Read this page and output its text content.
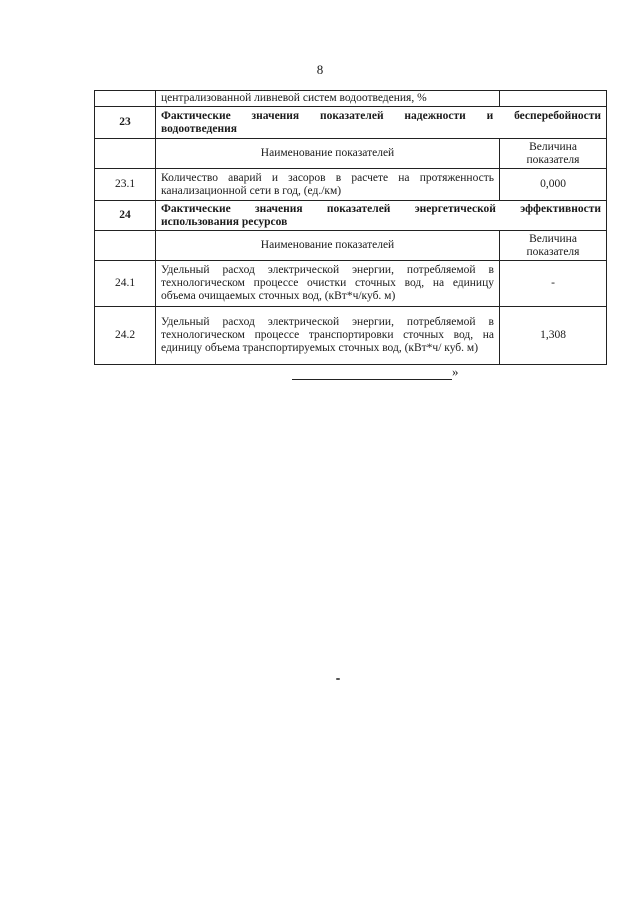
8
	централизованной ливневой систем водоотведения, %	
23	Фактические значения показателей надежности и бесперебойности
водоотведения	
	Наименование показателей	Величина показателя
23.1	Количество аварий и засоров в расчете на протяженность канализационной сети в год, (ед./км)	0,000
24	Фактические значения показателей энергетической эффективности
использования ресурсов	
	Наименование показателей	Величина показателя
24.1	Удельный расход электрической энергии, потребляемой в технологическом процессе очистки сточных вод, на единицу объема очищаемых сточных вод, (кВт*ч/куб. м)	-
24.2	Удельный расход электрической энергии, потребляемой в технологическом процессе транспортировки сточных вод, на единицу объема транспортируемых сточных вод, (кВт*ч/ куб. м)	1,308
»
